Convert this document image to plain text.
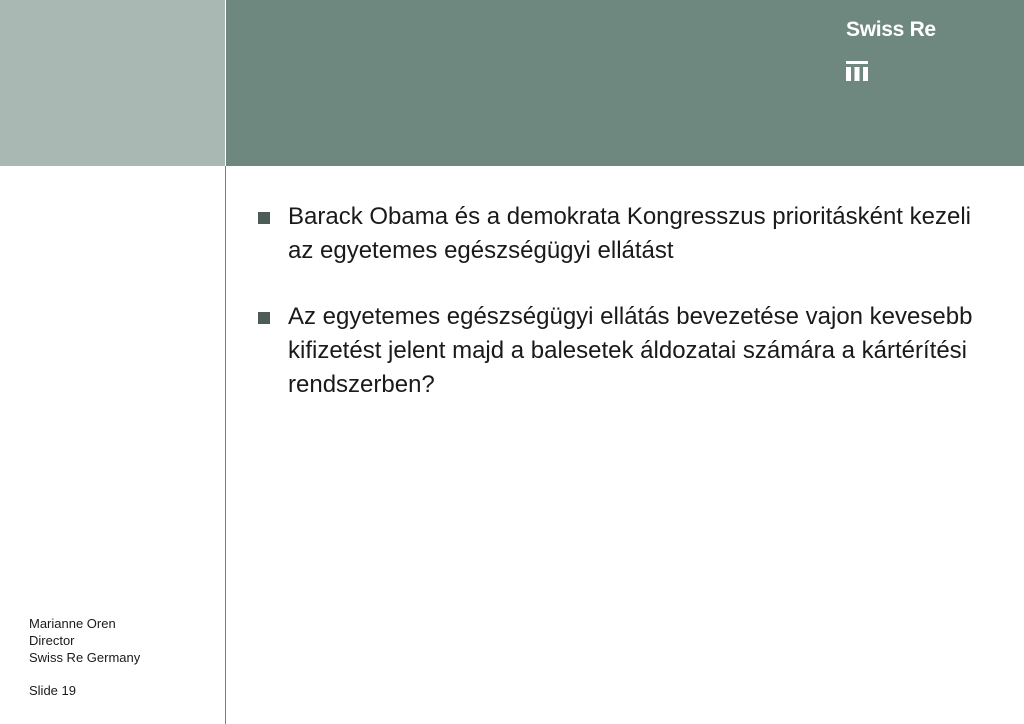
Swiss Re
Barack Obama és a demokrata Kongresszus prioritásként kezeli az egyetemes egészségügyi ellátást
Az egyetemes egészségügyi ellátás bevezetése vajon kevesebb kifizetést jelent majd a balesetek áldozatai számára a kártérítési rendszerben?
Marianne Oren
Director
Swiss Re Germany
Slide 19
